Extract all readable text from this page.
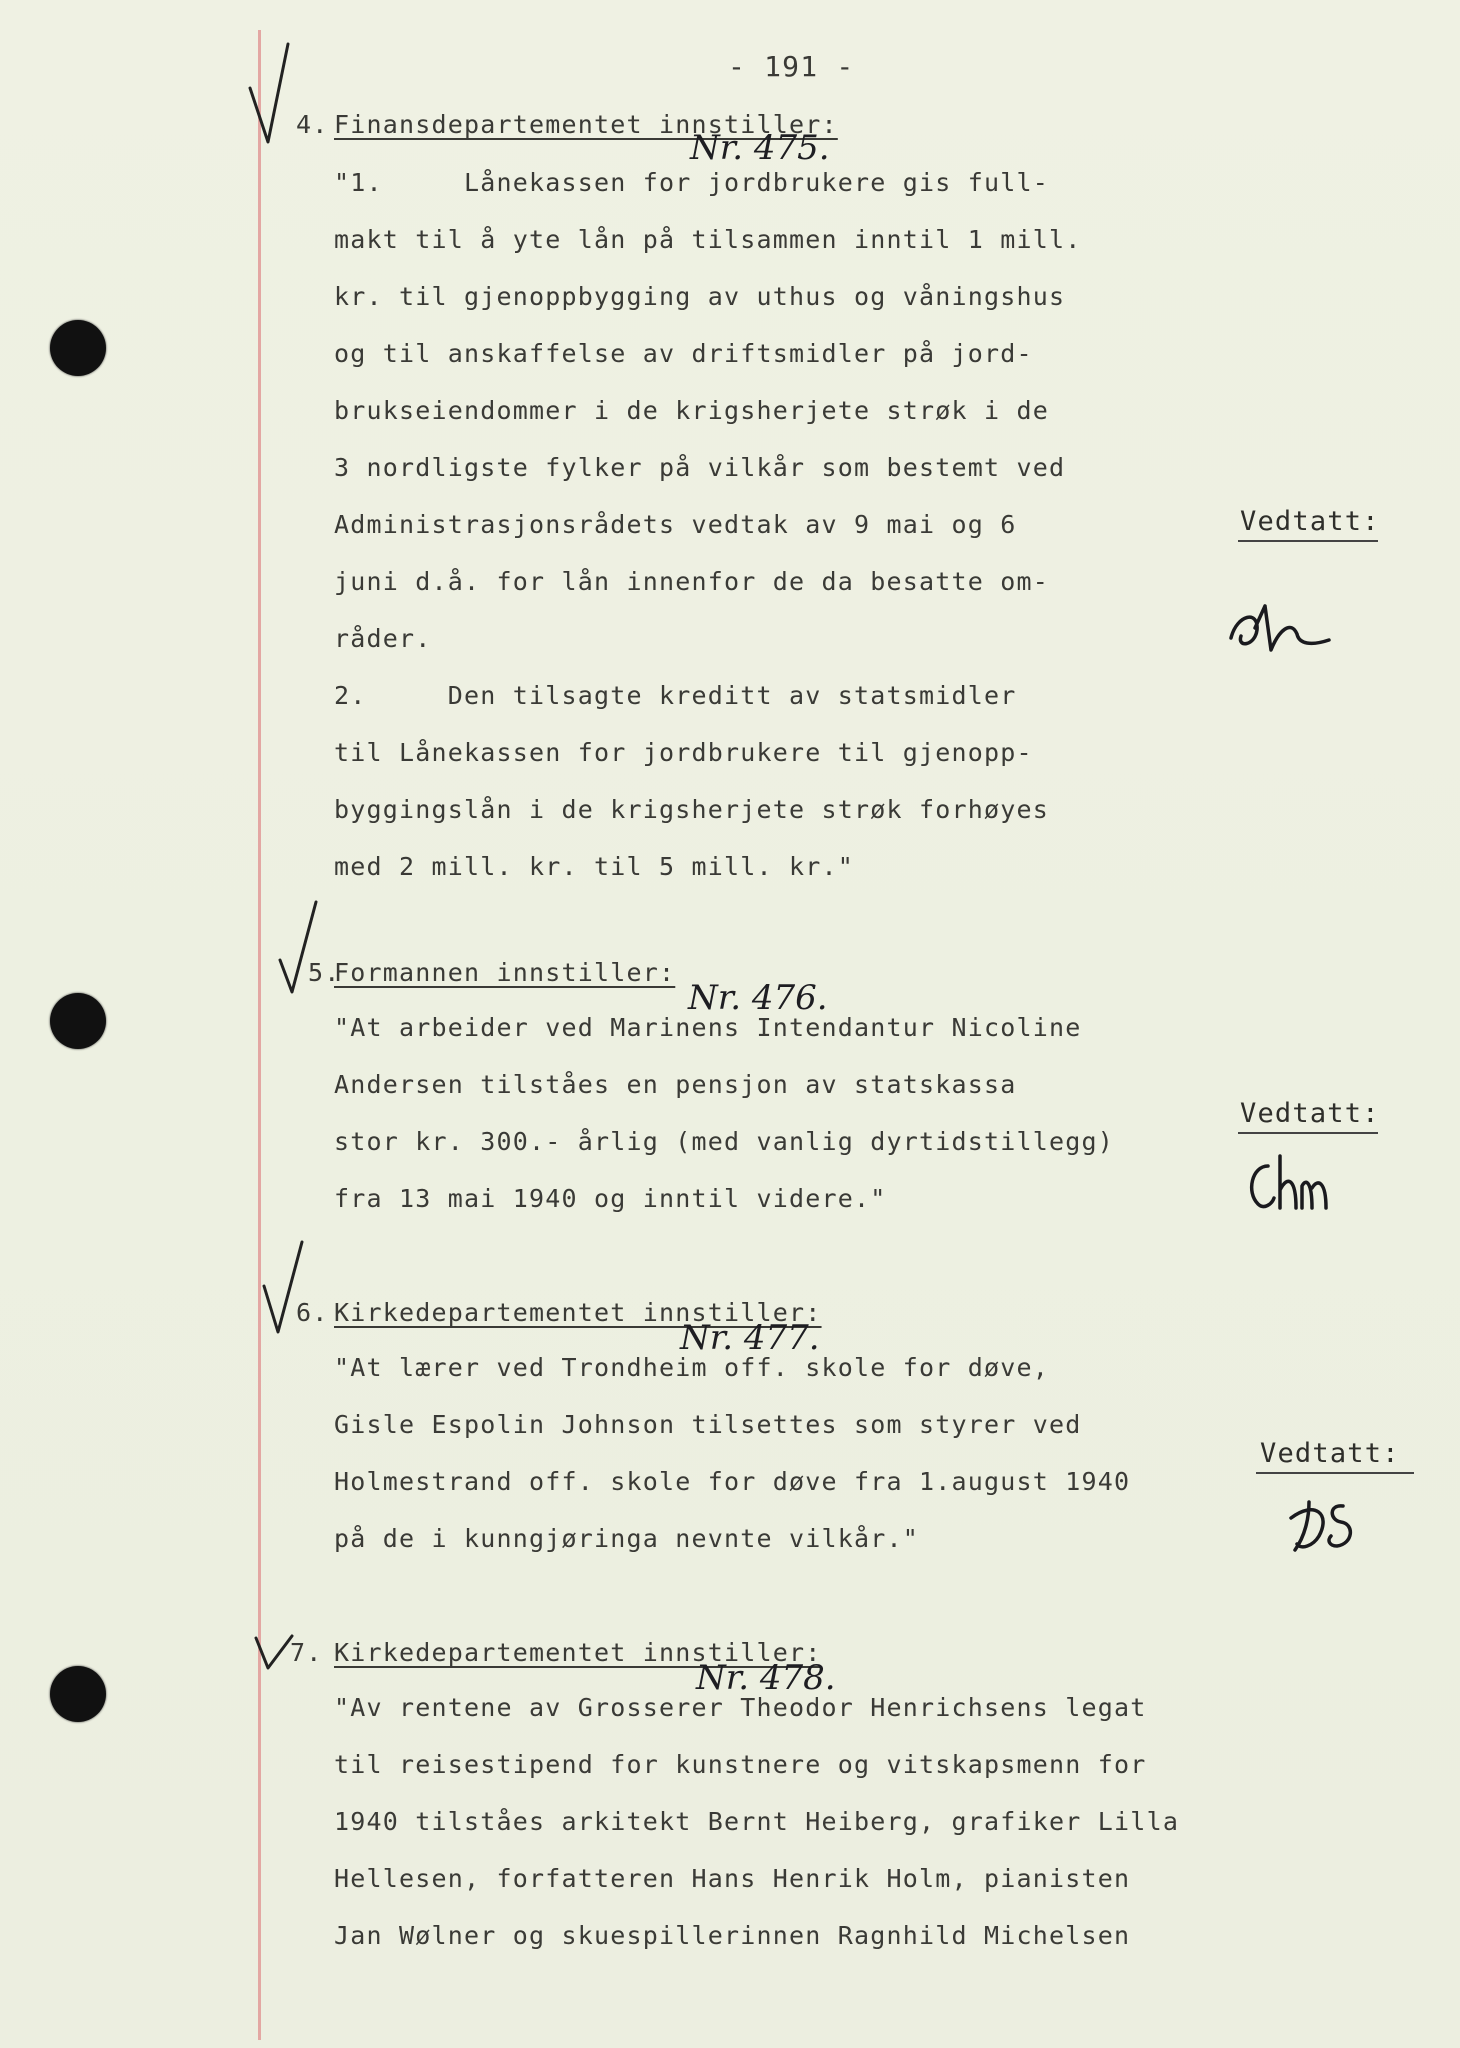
- 191 -
4. Finansdepartementet innstiller:
Nr. 475.
"1.     Lånekassen for jordbrukere gis full-
makt til å yte lån på tilsammen inntil 1 mill.
kr. til gjenoppbygging av uthus og våningshus
og til anskaffelse av driftsmidler på jord-
brukseiendommer i de krigsherjete strøk i de
3 nordligste fylker på vilkår som bestemt ved
Administrasjonsrådets vedtak av 9 mai og 6
juni d.å. for lån innenfor de da besatte om-
råder.
2.     Den tilsagte kreditt av statsmidler
til Lånekassen for jordbrukere til gjenopp-
byggingslån i de krigsherjete strøk forhøyes
med 2 mill. kr. til 5 mill. kr."
Vedtatt:
5.
Formannen innstiller:
Nr. 476.
"At arbeider ved Marinens Intendantur Nicoline
Andersen tilståes en pensjon av statskassa
stor kr. 300.- årlig (med vanlig dyrtidstillegg)
fra 13 mai 1940 og inntil videre."
Vedtatt:
6. Kirkedepartementet innstiller:
Nr. 477.
"At lærer ved Trondheim off. skole for døve,
Gisle Espolin Johnson tilsettes som styrer ved
Holmestrand off. skole for døve fra 1.august 1940
på de i kunngjøringa nevnte vilkår."
Vedtatt:
7. Kirkedepartementet innstiller:
Nr. 478.
"Av rentene av Grosserer Theodor Henrichsens legat
til reisestipend for kunstnere og vitskapsmenn for
1940 tilståes arkitekt Bernt Heiberg, grafiker Lilla
Hellesen, forfatteren Hans Henrik Holm, pianisten
Jan Wølner og skuespillerinnen Ragnhild Michelsen
